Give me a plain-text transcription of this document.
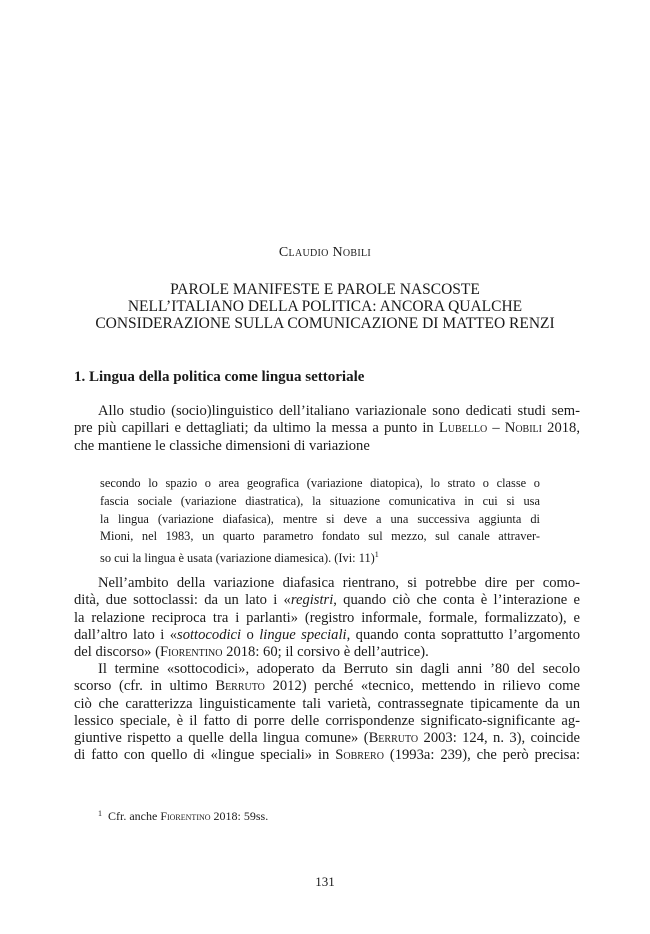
Claudio Nobili
PAROLE MANIFESTE E PAROLE NASCOSTE
NELL’ITALIANO DELLA POLITICA: ANCORA QUALCHE
CONSIDERAZIONE SULLA COMUNICAZIONE DI MATTEO RENZI
1. Lingua della politica come lingua settoriale
Allo studio (socio)linguistico dell’italiano variazionale sono dedicati studi sem-
pre più capillari e dettagliati; da ultimo la messa a punto in Lubello – Nobili 2018,
che mantiene le classiche dimensioni di variazione
secondo lo spazio o area geografica (variazione diatopica), lo strato o classe o
fascia sociale (variazione diastratica), la situazione comunicativa in cui si usa
la lingua (variazione diafasica), mentre si deve a una successiva aggiunta di
Mioni, nel 1983, un quarto parametro fondato sul mezzo, sul canale attraver-
so cui la lingua è usata (variazione diamesica). (Ivi: 11)$^1$
Nell’ambito della variazione diafasica rientrano, si potrebbe dire per como-
dità, due sottoclassi: da un lato i «registri, quando ciò che conta è l’interazione e
la relazione reciproca tra i parlanti» (registro informale, formale, formalizzato), e
dall’altro lato i «sottocodici o lingue speciali, quando conta soprattutto l’argomento
del discorso» (Fiorentino 2018: 60; il corsivo è dell’autrice).
Il termine «sottocodici», adoperato da Berruto sin dagli anni ’80 del secolo
scorso (cfr. in ultimo Berruto 2012) perché «tecnico, mettendo in rilievo come
ciò che caratterizza linguisticamente tali varietà, contrassegnate tipicamente da un
lessico speciale, è il fatto di porre delle corrispondenze significato-significante ag-
giuntive rispetto a quelle della lingua comune» (Berruto 2003: 124, n. 3), coincide
di fatto con quello di «lingue speciali» in Sobrero (1993a: 239), che però precisa:
$^1$ Cfr. anche Fiorentino 2018: 59ss.
131
